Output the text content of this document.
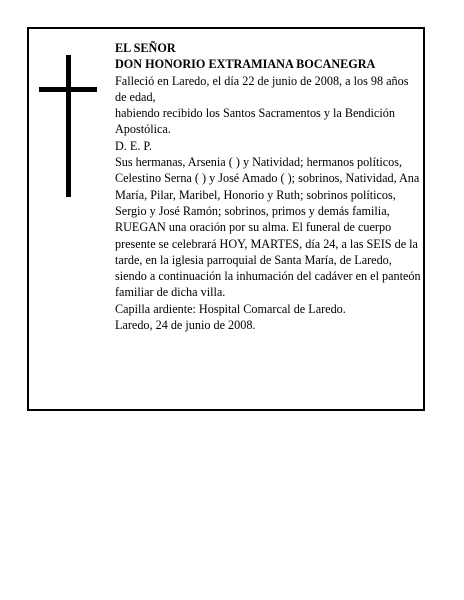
EL SEÑOR

DON HONORIO EXTRAMIANA BOCANEGRA

Falleció en Laredo, el día 22 de junio de 2008, a los 98 años de edad,

habiendo recibido los Santos Sacramentos y la Bendición Apostólica.

D. E. P.

Sus hermanas, Arsenia ( ) y Natividad; hermanos políticos, Celestino Serna ( ) y José Amado ( ); sobrinos, Natividad, Ana María, Pilar, Maribel, Honorio y Ruth; sobrinos políticos, Sergio y José Ramón; sobrinos, primos y demás familia,

RUEGAN una oración por su alma. El funeral de cuerpo presente se celebrará HOY, MARTES, día 24, a las SEIS de la tarde, en la iglesia parroquial de Santa María, de Laredo, siendo a continuación la inhumación del cadáver en el panteón familiar de dicha villa.

Capilla ardiente: Hospital Comarcal de Laredo.

Laredo, 24 de junio de 2008.
